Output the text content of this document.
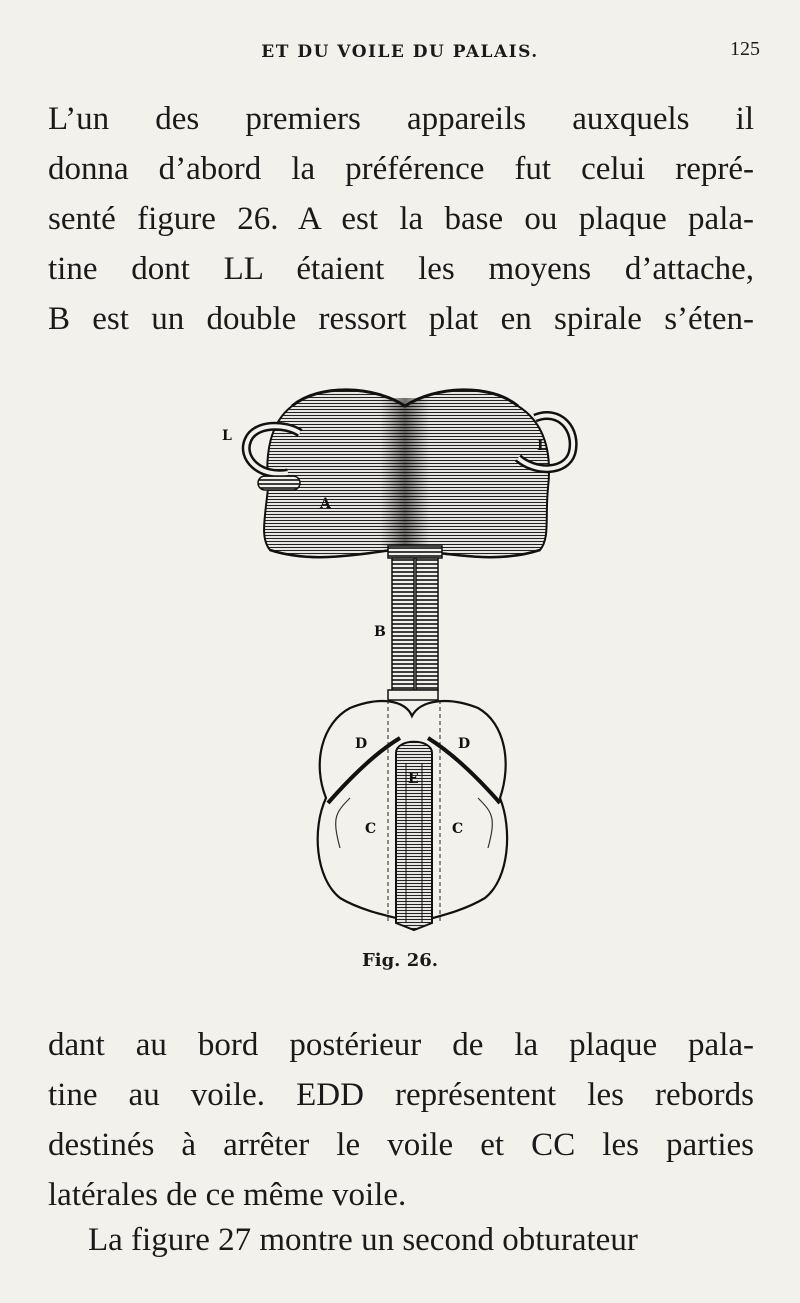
ET DU VOILE DU PALAIS.	125
L’un des premiers appareils auxquels il
donna d’abord la préférence fut celui repré-
senté figure 26. A est la base ou plaque pala-
tine dont LL étaient les moyens d’attache,
B est un double ressort plat en spirale s’éten-
L
L
A
B
D	D
E
C	C
Fig. 26.
dant au bord postérieur de la plaque pala-
tine au voile. EDD représentent les rebords
destinés à arrêter le voile et CC les parties
latérales de ce même voile.
La figure 27 montre un second obturateur
